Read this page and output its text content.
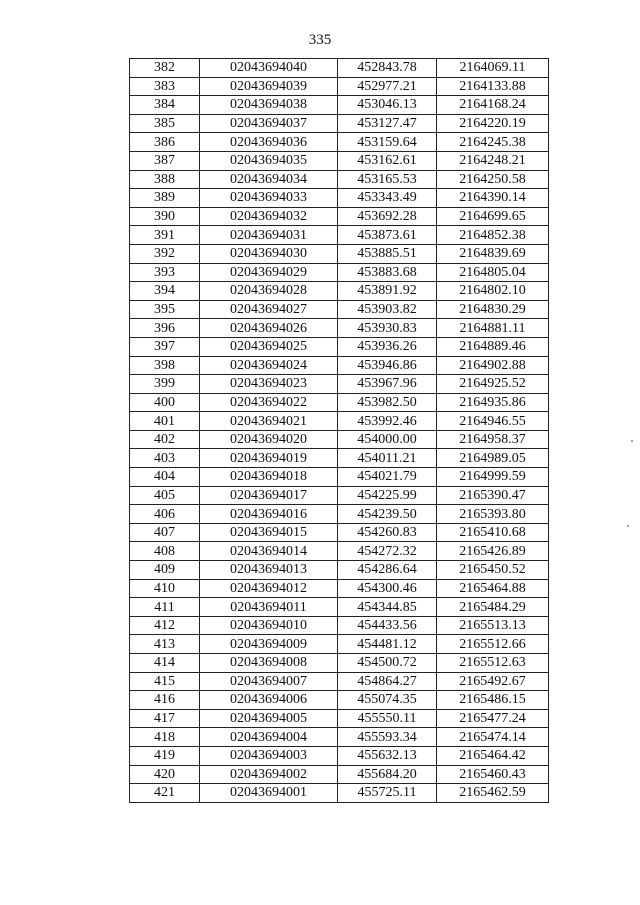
335
382	02043694040	452843.78	2164069.11
383	02043694039	452977.21	2164133.88
384	02043694038	453046.13	2164168.24
385	02043694037	453127.47	2164220.19
386	02043694036	453159.64	2164245.38
387	02043694035	453162.61	2164248.21
388	02043694034	453165.53	2164250.58
389	02043694033	453343.49	2164390.14
390	02043694032	453692.28	2164699.65
391	02043694031	453873.61	2164852.38
392	02043694030	453885.51	2164839.69
393	02043694029	453883.68	2164805.04
394	02043694028	453891.92	2164802.10
395	02043694027	453903.82	2164830.29
396	02043694026	453930.83	2164881.11
397	02043694025	453936.26	2164889.46
398	02043694024	453946.86	2164902.88
399	02043694023	453967.96	2164925.52
400	02043694022	453982.50	2164935.86
401	02043694021	453992.46	2164946.55
402	02043694020	454000.00	2164958.37
403	02043694019	454011.21	2164989.05
404	02043694018	454021.79	2164999.59
405	02043694017	454225.99	2165390.47
406	02043694016	454239.50	2165393.80
407	02043694015	454260.83	2165410.68
408	02043694014	454272.32	2165426.89
409	02043694013	454286.64	2165450.52
410	02043694012	454300.46	2165464.88
411	02043694011	454344.85	2165484.29
412	02043694010	454433.56	2165513.13
413	02043694009	454481.12	2165512.66
414	02043694008	454500.72	2165512.63
415	02043694007	454864.27	2165492.67
416	02043694006	455074.35	2165486.15
417	02043694005	455550.11	2165477.24
418	02043694004	455593.34	2165474.14
419	02043694003	455632.13	2165464.42
420	02043694002	455684.20	2165460.43
421	02043694001	455725.11	2165462.59
